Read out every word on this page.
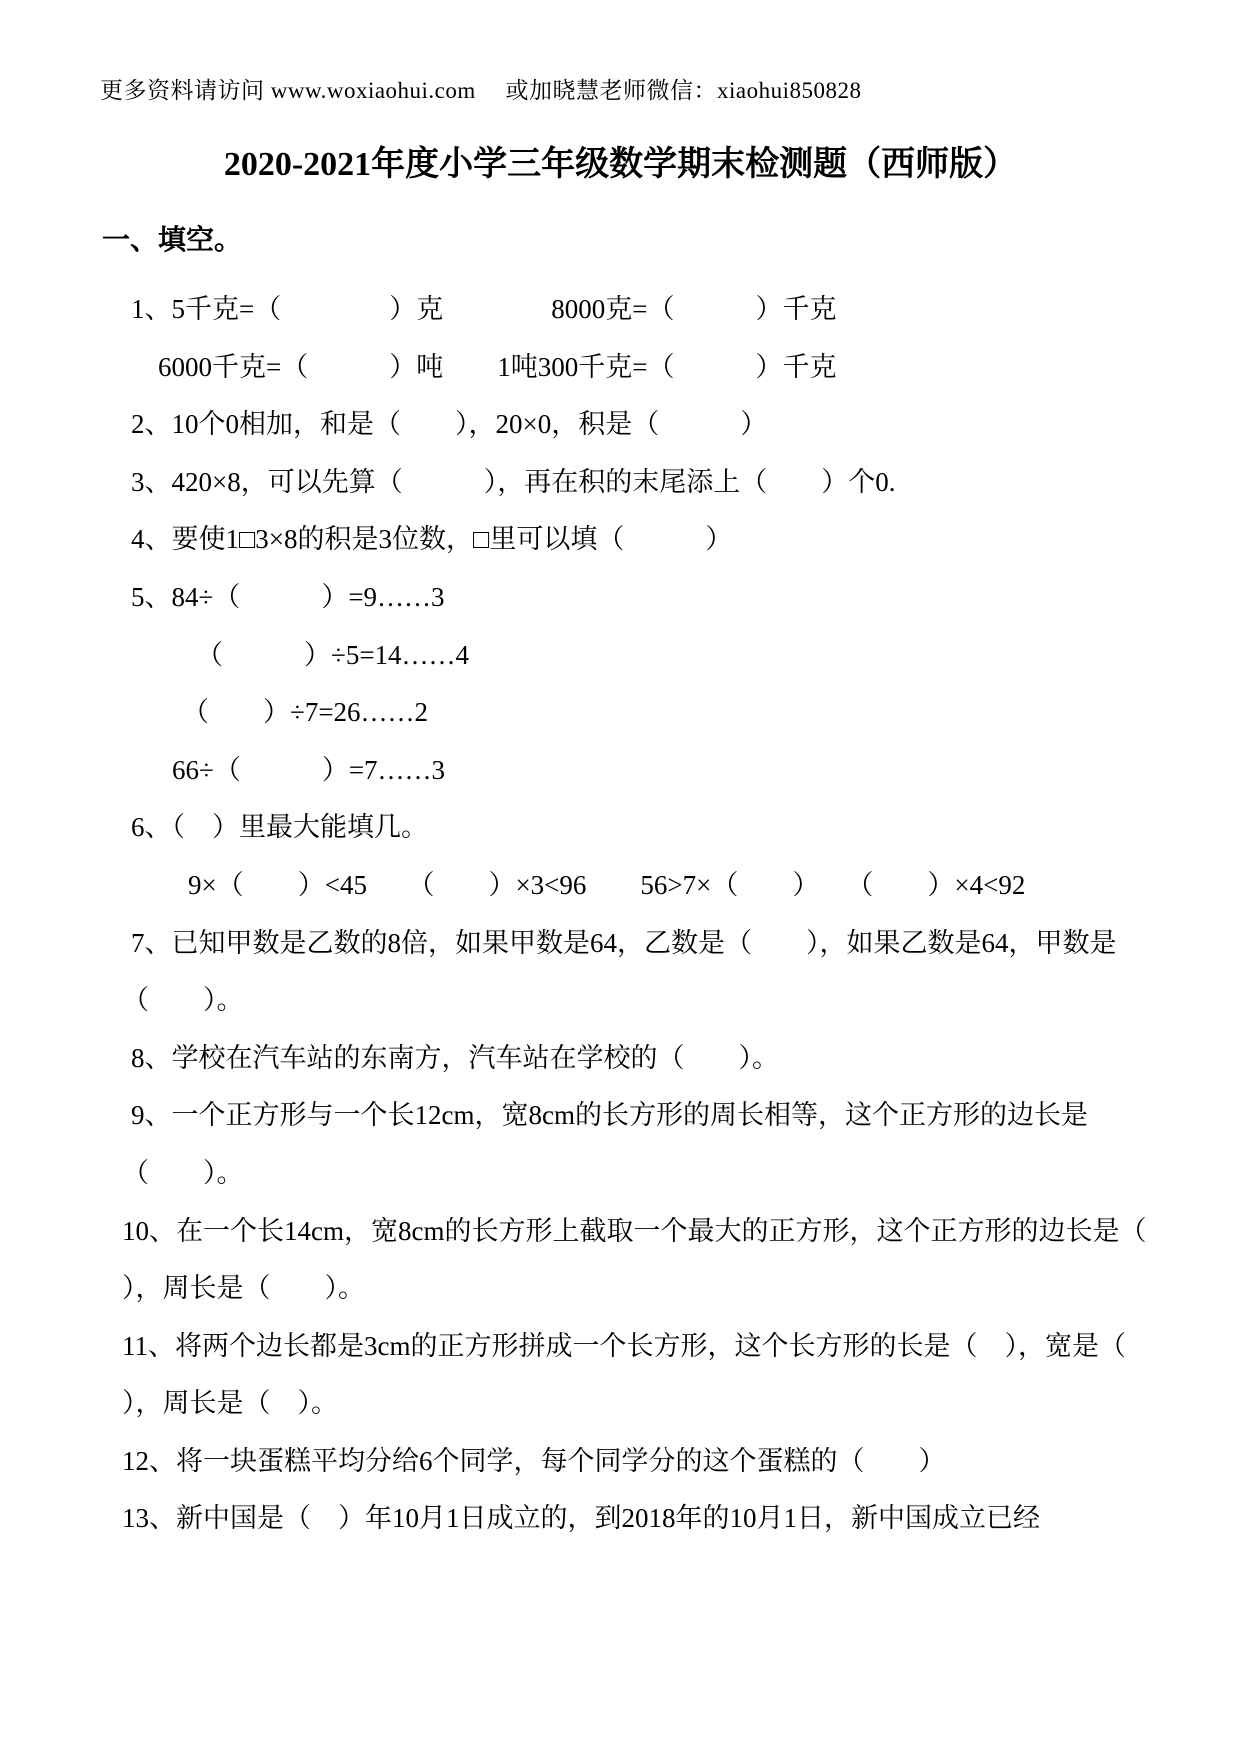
更多资料请访问 www.woxiaohui.com　 或加晓慧老师微信：xiaohui850828
2020-2021年度小学三年级数学期末检测题（西师版）
一、填空。
1、5千克=（　　　　）克　　　　8000克=（　　　）千克
6000千克=（　　　）吨　　1吨300千克=（　　　）千克
2、10个0相加，和是（　　），20×0，积是（　　　）
3、420×8，可以先算（　　　），再在积的末尾添上（　　）个0.
4、要使1□3×8的积是3位数，□里可以填（　　　）
5、84÷（　　　）=9……3
（　　　）÷5=14……4
（　　）÷7=26……2
66÷（　　　）=7……3
6、（　）里最大能填几。
9×（　　）<45　　（　　）×3<96　　56>7×（　　）　　（　　）×4<92
7、已知甲数是乙数的8倍，如果甲数是64，乙数是（　　），如果乙数是64，甲数是
（　　）。
8、学校在汽车站的东南方，汽车站在学校的（　　）。
9、一个正方形与一个长12cm，宽8cm的长方形的周长相等，这个正方形的边长是
（　　）。
10、在一个长14cm，宽8cm的长方形上截取一个最大的正方形，这个正方形的边长是（
），周长是（　　）。
11、将两个边长都是3cm的正方形拼成一个长方形，这个长方形的长是（　），宽是（
），周长是（　）。
12、将一块蛋糕平均分给6个同学，每个同学分的这个蛋糕的（　　）
13、新中国是（　）年10月1日成立的，到2018年的10月1日，新中国成立已经
